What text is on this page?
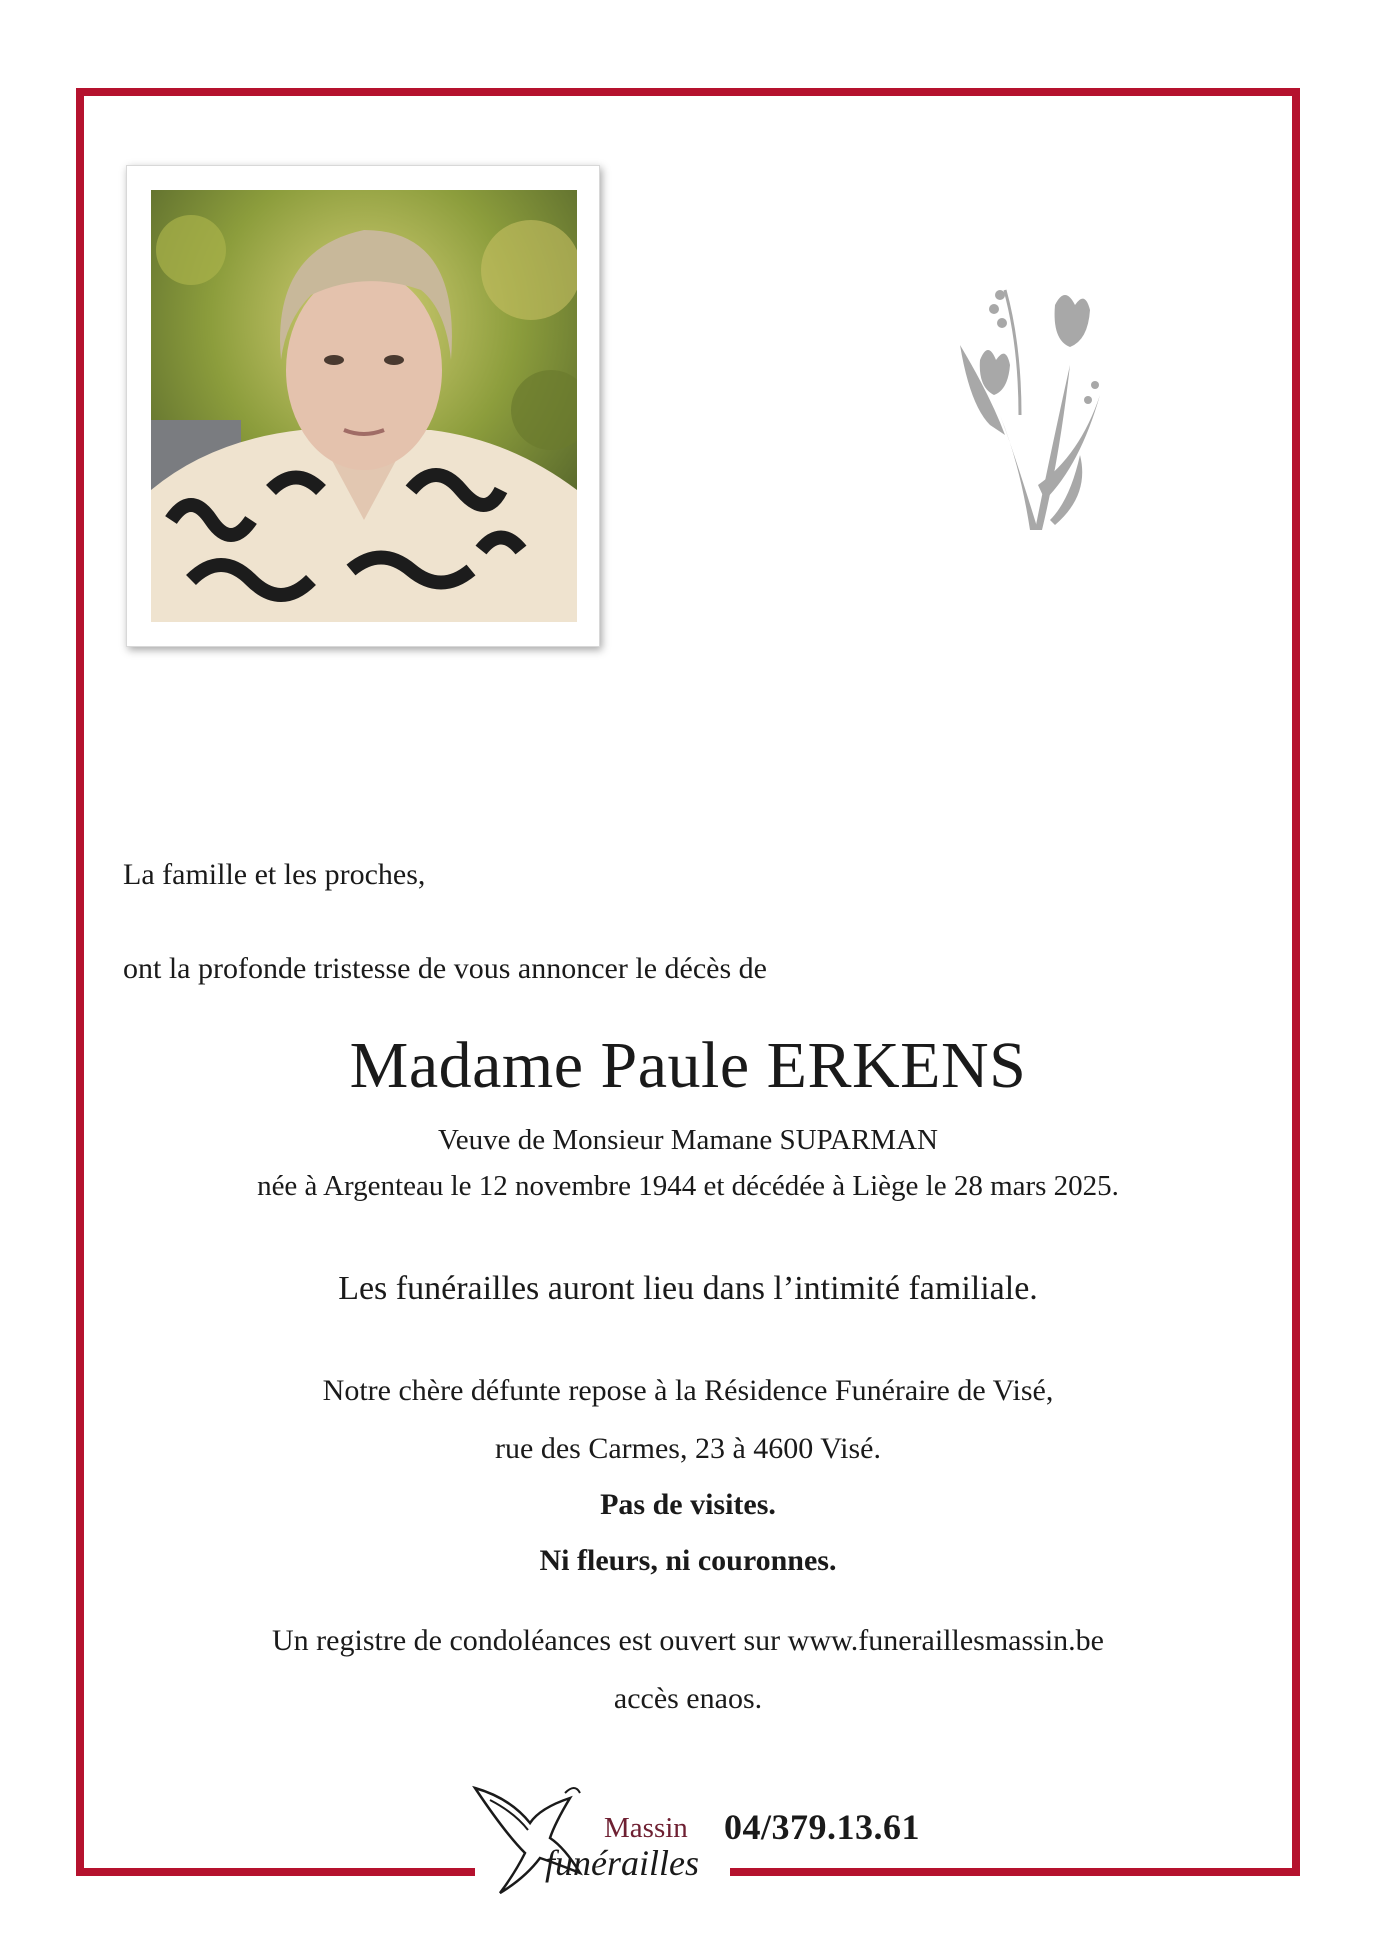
La famille et les proches,

ont la profonde tristesse de vous annoncer le décès de

Madame Paule ERKENS

Veuve de Monsieur Mamane SUPARMAN

née à Argenteau le 12 novembre 1944 et décédée à Liège le 28 mars 2025.

Les funérailles auront lieu dans l’intimité familiale.

Notre chère défunte repose à la Résidence Funéraire de Visé,

rue des Carmes, 23 à 4600 Visé.

Pas de visites.

Ni fleurs, ni couronnes.

Un registre de condoléances est ouvert sur www.funeraillesmassin.be

accès enaos.

Massin
funérailles
04/379.13.61
